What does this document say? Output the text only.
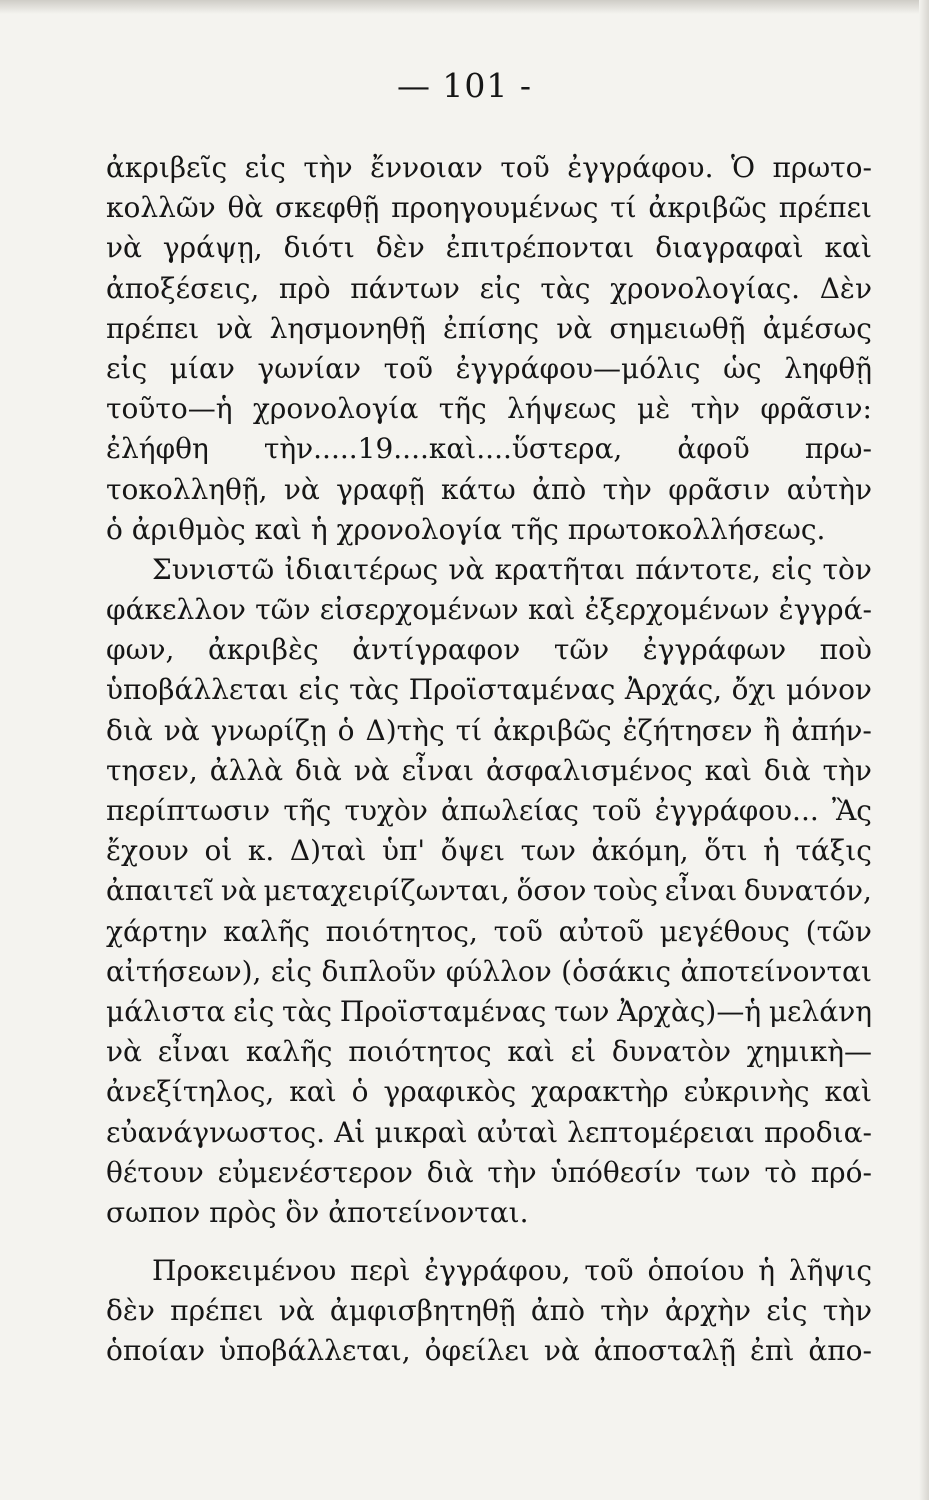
— 101 -
ἀκριβεῖς εἰς τὴν ἔννοιαν τοῦ ἐγγράφου. Ὁ πρωτο-
κολλῶν θὰ σκεφθῇ προηγουμένως τί ἀκριβῶς πρέπει
νὰ γράψῃ, διότι δὲν ἐπιτρέπονται διαγραφαὶ καὶ
ἀποξέσεις, πρὸ πάντων εἰς τὰς χρονολογίας. Δὲν
πρέπει νὰ λησμονηθῇ ἐπίσης νὰ σημειωθῇ ἀμέσως
εἰς μίαν γωνίαν τοῦ ἐγγράφου—μόλις ὡς ληφθῇ
τοῦτο—ἡ χρονολογία τῆς λήψεως μὲ τὴν φρᾶσιν:
ἐλήφθη τὴν.....19....καὶ....ὕστερα, ἀφοῦ πρω-
τοκολληθῇ, νὰ γραφῇ κάτω ἀπὸ τὴν φρᾶσιν αὐτὴν
ὁ ἀριθμὸς καὶ ἡ χρονολογία τῆς πρωτοκολλήσεως.
Συνιστῶ ἰδιαιτέρως νὰ κρατῆται πάντοτε, εἰς τὸν
φάκελλον τῶν εἰσερχομένων καὶ ἐξερχομένων ἐγγρά-
φων, ἀκριβὲς ἀντίγραφον τῶν ἐγγράφων ποὺ
ὑποβάλλεται εἰς τὰς Προϊσταμένας Ἀρχάς, ὄχι μόνον
διὰ νὰ γνωρίζῃ ὁ Δ)τὴς τί ἀκριβῶς ἐζήτησεν ἢ ἀπήν-
τησεν, ἀλλὰ διὰ νὰ εἶναι ἀσφαλισμένος καὶ διὰ τὴν
περίπτωσιν τῆς τυχὸν ἀπωλείας τοῦ ἐγγράφου... Ἂς
ἔχουν οἱ κ. Δ)ταὶ ὑπ' ὄψει των ἀκόμη, ὅτι ἡ τάξις
ἀπαιτεῖ νὰ μεταχειρίζωνται, ὅσον τοὺς εἶναι δυνατόν,
χάρτην καλῆς ποιότητος, τοῦ αὐτοῦ μεγέθους (τῶν
αἰτήσεων), εἰς διπλοῦν φύλλον (ὁσάκις ἀποτείνονται
μάλιστα εἰς τὰς Προϊσταμένας των Ἀρχὰς)—ἡ μελάνη
νὰ εἶναι καλῆς ποιότητος καὶ εἰ δυνατὸν χημικὴ—
ἀνεξίτηλος, καὶ ὁ γραφικὸς χαρακτὴρ εὐκρινὴς καὶ
εὐανάγνωστος. Αἱ μικραὶ αὐταὶ λεπτομέρειαι προδια-
θέτουν εὐμενέστερον διὰ τὴν ὑπόθεσίν των τὸ πρό-
σωπον πρὸς ὃν ἀποτείνονται.
Προκειμένου περὶ ἐγγράφου, τοῦ ὁποίου ἡ λῆψις
δὲν πρέπει νὰ ἀμφισβητηθῇ ἀπὸ τὴν ἀρχὴν εἰς τὴν
ὁποίαν ὑποβάλλεται, ὀφείλει νὰ ἀποσταλῇ ἐπὶ ἀπο-
